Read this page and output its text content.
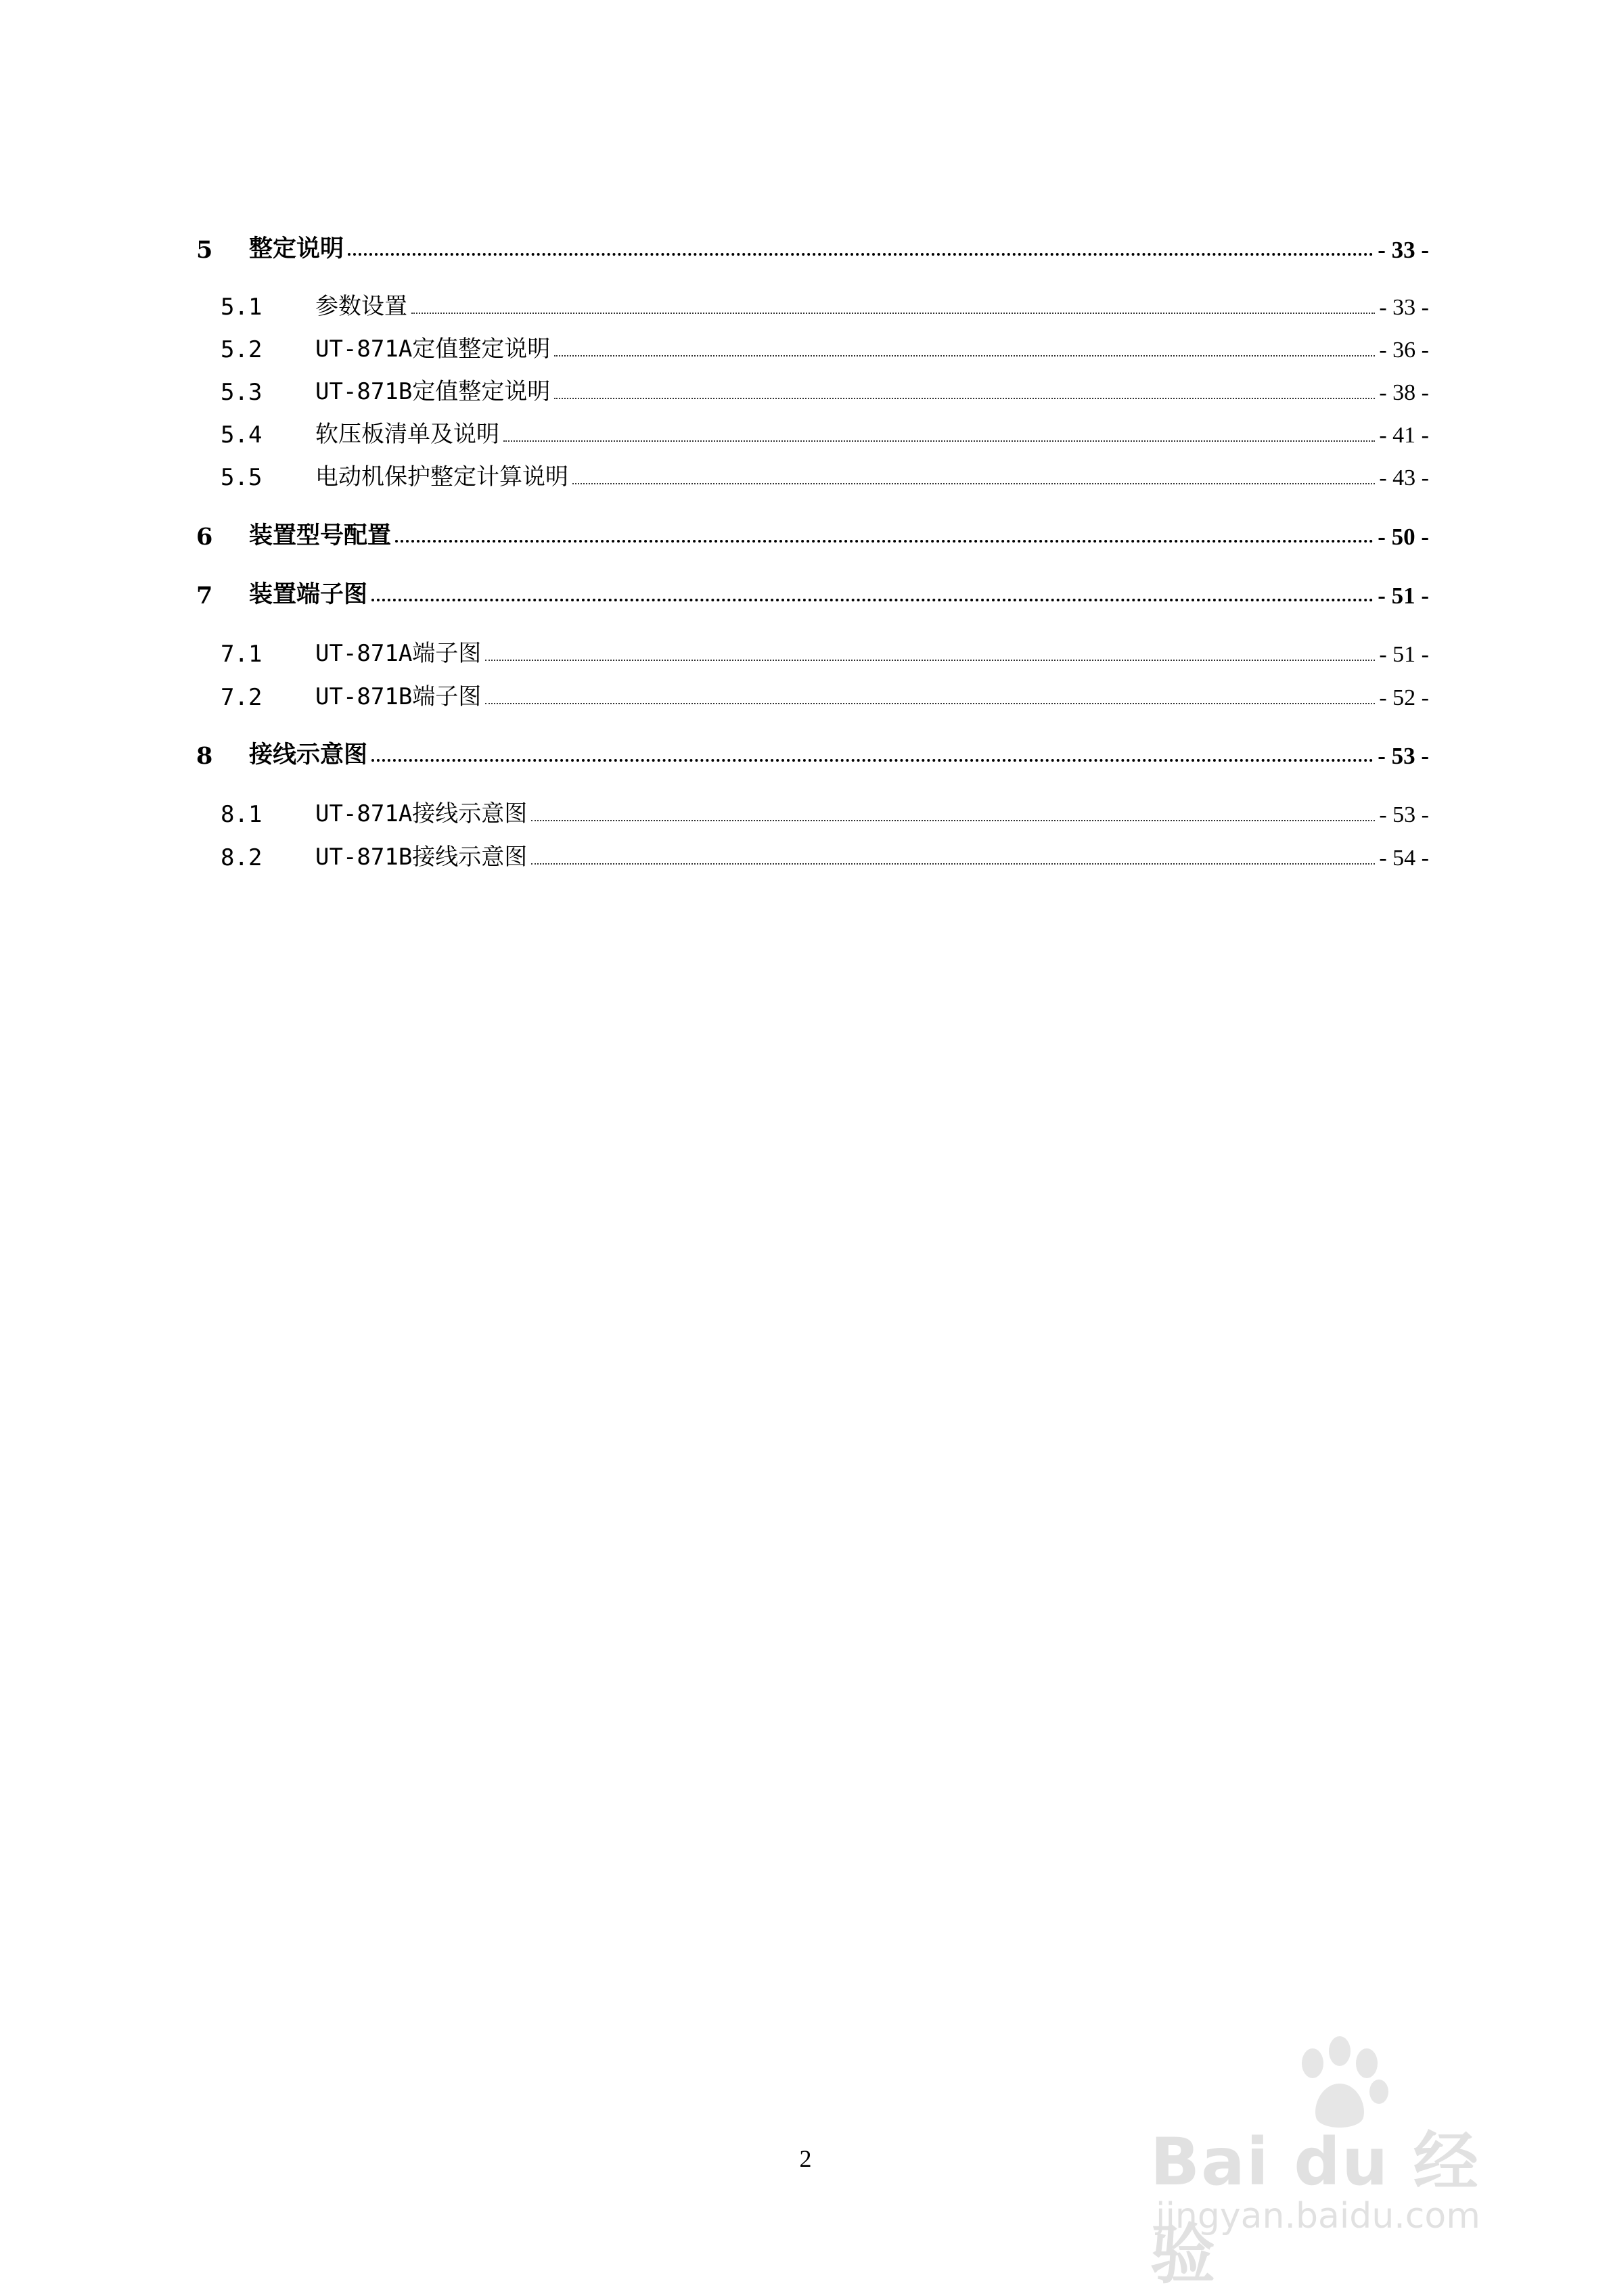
5	整定说明	- 33 -
5.1	参数设置	- 33 -
5.2	UT-871A定值整定说明	- 36 -
5.3	UT-871B定值整定说明	- 38 -
5.4	软压板清单及说明	- 41 -
5.5	电动机保护整定计算说明	- 43 -
6	装置型号配置	- 50 -
7	装置端子图	- 51 -
7.1	UT-871A端子图	- 51 -
7.2	UT-871B端子图	- 52 -
8	接线示意图	- 53 -
8.1	UT-871A接线示意图	- 53 -
8.2	UT-871B接线示意图	- 54 -
2	Bai du 经验
jingyan.baidu.com
